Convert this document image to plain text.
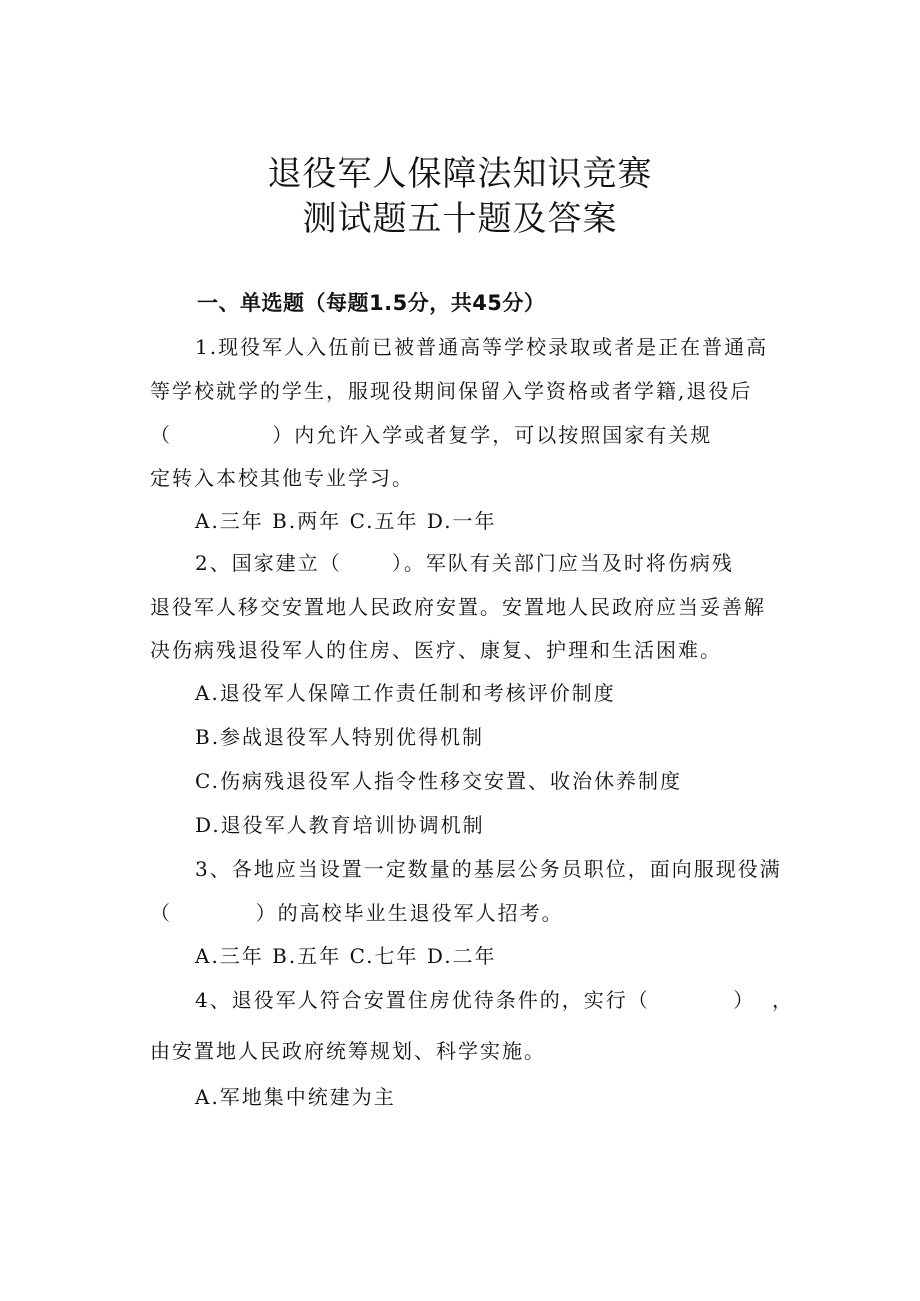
退役军人保障法知识竞赛
测试题五十题及答案
一、单选题（每题1.5分，共45分）
1.现役军人入伍前已被普通高等学校录取或者是正在普通高
等学校就学的学生，服现役期间保留入学资格或者学籍,退役后
（            ）内允许入学或者复学，可以按照国家有关规
定转入本校其他专业学习。
A.三年 B.两年 C.五年 D.一年
2、国家建立（      ）。军队有关部门应当及时将伤病残
退役军人移交安置地人民政府安置。安置地人民政府应当妥善解
决伤病残退役军人的住房、医疗、康复、护理和生活困难。
A.退役军人保障工作责任制和考核评价制度
B.参战退役军人特别优得机制
C.伤病残退役军人指令性移交安置、收治休养制度
D.退役军人教育培训协调机制
3、各地应当设置一定数量的基层公务员职位，面向服现役满
（          ）的高校毕业生退役军人招考。
A.三年 B.五年 C.七年 D.二年
4、退役军人符合安置住房优待条件的，实行（          ）  ，
由安置地人民政府统筹规划、科学实施。
A.军地集中统建为主
